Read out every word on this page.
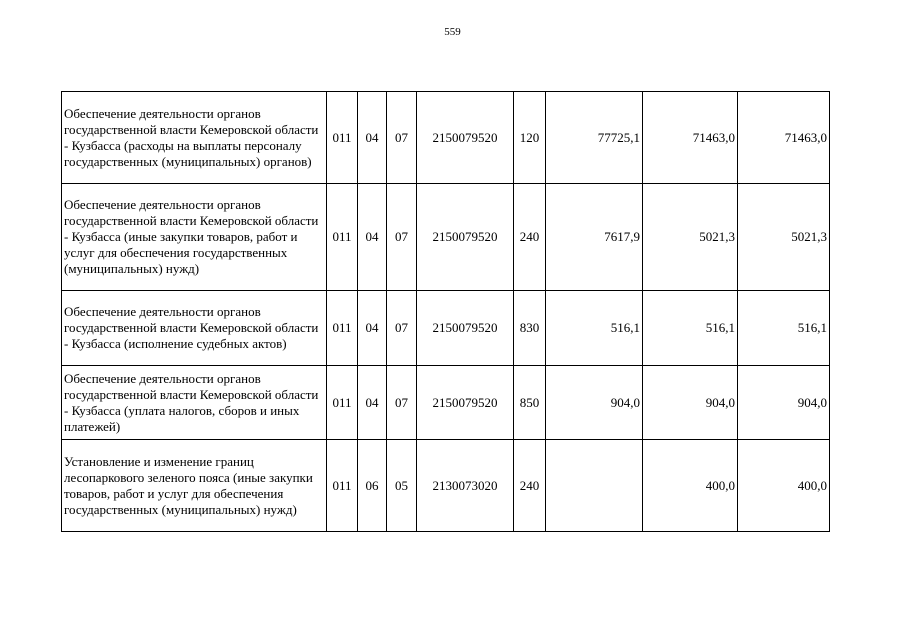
559
Обеспечение деятельности органов государственной власти Кемеровской области - Кузбасса (расходы на выплаты персоналу государственных (муниципальных) органов)	011	04	07	2150079520	120	77725,1	71463,0	71463,0
Обеспечение деятельности органов государственной власти Кемеровской области - Кузбасса (иные закупки товаров, работ и услуг для обеспечения государственных (муниципальных) нужд)	011	04	07	2150079520	240	7617,9	5021,3	5021,3
Обеспечение деятельности органов государственной власти Кемеровской области - Кузбасса (исполнение судебных актов)	011	04	07	2150079520	830	516,1	516,1	516,1
Обеспечение деятельности органов государственной власти Кемеровской области - Кузбасса (уплата налогов, сборов и иных платежей)	011	04	07	2150079520	850	904,0	904,0	904,0
Установление и изменение границ лесопаркового зеленого пояса (иные закупки товаров, работ и услуг для обеспечения государственных (муниципальных) нужд)	011	06	05	2130073020	240		400,0	400,0
